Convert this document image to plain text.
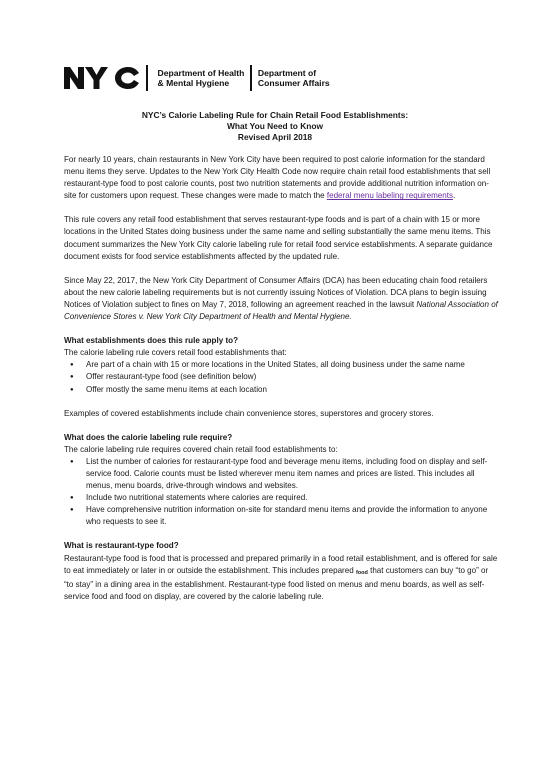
Department of Health
& Mental Hygiene
Department of
Consumer Affairs
NYC’s Calorie Labeling Rule for Chain Retail Food Establishments:
What You Need to Know
Revised April 2018

For nearly 10 years, chain restaurants in New York City have been required to post calorie information for the standard menu items they serve. Updates to the New York City Health Code now require chain retail food establishments that sell restaurant-type food to post calorie counts, post two nutrition statements and provide additional nutrition information on-site for customers upon request. These changes were made to match the federal menu labeling requirements.

This rule covers any retail food establishment that serves restaurant-type foods and is part of a chain with 15 or more locations in the United States doing business under the same name and selling substantially the same menu items. This document summarizes the New York City calorie labeling rule for retail food service establishments. A separate guidance document exists for food service establishments affected by the updated rule.

Since May 22, 2017, the New York City Department of Consumer Affairs (DCA) has been educating chain food retailers about the new calorie labeling requirements but is not currently issuing Notices of Violation. DCA plans to begin issuing Notices of Violation subject to fines on May 7, 2018, following an agreement reached in the lawsuit National Association of Convenience Stores v. New York City Department of Health and Mental Hygiene.

What establishments does this rule apply to?

The calorie labeling rule covers retail food establishments that:

● Are part of a chain with 15 or more locations in the United States, all doing business under the same name
● Offer restaurant-type food (see definition below)
● Offer mostly the same menu items at each location

Examples of covered establishments include chain convenience stores, superstores and grocery stores.

What does the calorie labeling rule require?

The calorie labeling rule requires covered chain retail food establishments to:

● List the number of calories for restaurant-type food and beverage menu items, including food on display and self-service food. Calorie counts must be listed wherever menu item names and prices are listed. This includes all menus, menu boards, drive-through windows and websites.
● Include two nutritional statements where calories are required.
● Have comprehensive nutrition information on-site for standard menu items and provide the information to anyone who requests to see it.
What is restaurant-type food?

Restaurant-type food is food that is processed and prepared primarily in a food retail establishment, and is offered for sale to eat immediately or later in or outside the establishment. This includes prepared food that customers can buy “to go” or “to stay” in a dining area in the establishment. Restaurant-type food listed on menus and menu boards, as well as self-service food and food on display, are covered by the calorie labeling rule.
